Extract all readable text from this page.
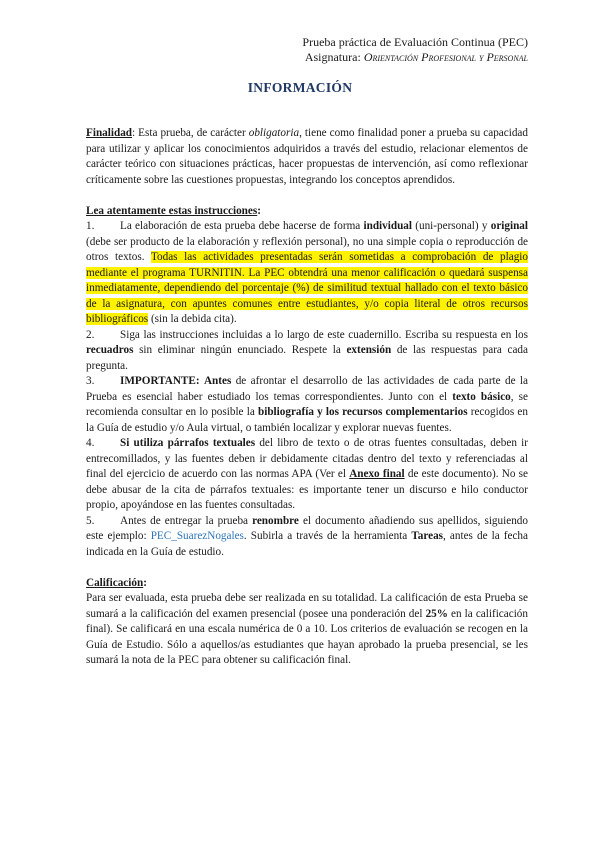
Prueba práctica de Evaluación Continua (PEC)
Asignatura: Orientación Profesional y Personal
INFORMACIÓN

Finalidad: Esta prueba, de carácter obligatoria, tiene como finalidad poner a prueba su capacidad para utilizar y aplicar los conocimientos adquiridos a través del estudio, relacionar elementos de carácter teórico con situaciones prácticas, hacer propuestas de intervención, así como reflexionar críticamente sobre las cuestiones propuestas, integrando los conceptos aprendidos.

Lea atentamente estas instrucciones:

1. La elaboración de esta prueba debe hacerse de forma individual (uni-personal) y original (debe ser producto de la elaboración y reflexión personal), no una simple copia o reproducción de otros textos. Todas las actividades presentadas serán sometidas a comprobación de plagio mediante el programa TURNITIN. La PEC obtendrá una menor calificación o quedará suspensa inmediatamente, dependiendo del porcentaje (%) de similitud textual hallado con el texto básico de la asignatura, con apuntes comunes entre estudiantes, y/o copia literal de otros recursos bibliográficos (sin la debida cita).

2. Siga las instrucciones incluidas a lo largo de este cuadernillo. Escriba su respuesta en los recuadros sin eliminar ningún enunciado. Respete la extensión de las respuestas para cada pregunta.

3. IMPORTANTE: Antes de afrontar el desarrollo de las actividades de cada parte de la Prueba es esencial haber estudiado los temas correspondientes. Junto con el texto básico, se recomienda consultar en lo posible la bibliografía y los recursos complementarios recogidos en la Guía de estudio y/o Aula virtual, o también localizar y explorar nuevas fuentes.

4. Si utiliza párrafos textuales del libro de texto o de otras fuentes consultadas, deben ir entrecomillados, y las fuentes deben ir debidamente citadas dentro del texto y referenciadas al final del ejercicio de acuerdo con las normas APA (Ver el Anexo final de este documento). No se debe abusar de la cita de párrafos textuales: es importante tener un discurso e hilo conductor propio, apoyándose en las fuentes consultadas.

5. Antes de entregar la prueba renombre el documento añadiendo sus apellidos, siguiendo este ejemplo: PEC_SuarezNogales. Subirla a través de la herramienta Tareas, antes de la fecha indicada en la Guía de estudio.

Calificación:

Para ser evaluada, esta prueba debe ser realizada en su totalidad. La calificación de esta Prueba se sumará a la calificación del examen presencial (posee una ponderación del 25% en la calificación final). Se calificará en una escala numérica de 0 a 10. Los criterios de evaluación se recogen en la Guía de Estudio. Sólo a aquellos/as estudiantes que hayan aprobado la prueba presencial, se les sumará la nota de la PEC para obtener su calificación final.
